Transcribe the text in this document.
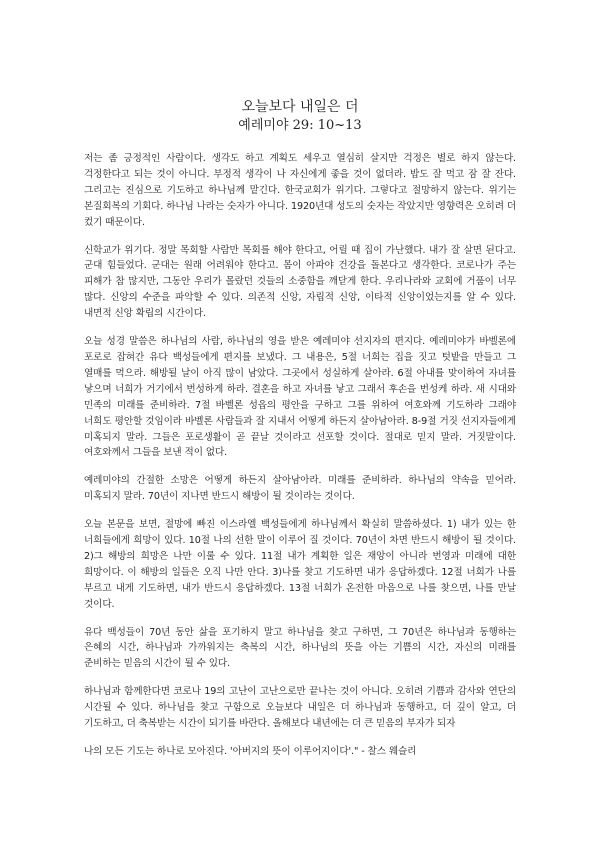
오늘보다 내일은 더
예레미야 29: 10~13

저는 좀 긍정적인 사람이다. 생각도 하고 계획도 세우고 열심히 살지만 걱정은 별로 하지 않는다. 걱정한다고 되는 것이 아니다. 부정적 생각이 나 자신에게 좋을 것이 없더라. 밥도 잘 먹고 잠 잘 잔다. 그리고는 진심으로 기도하고 하나님께 맡긴다. 한국교회가 위기다. 그렇다고 절망하지 않는다. 위기는 본질회복의 기회다. 하나님 나라는 숫자가 아니다. 1920년대 성도의 숫자는 작았지만 영향력은 오히려 더 컸기 때문이다.

신학교가 위기다. 정말 목회할 사람만 목회를 해야 한다고, 어릴 때 집이 가난했다. 내가 잘 살면 된다고. 군대 힘들었다. 군대는 원래 어려워야 한다고. 몸이 아파야 건강을 돌본다고 생각한다. 코로나가 주는 피해가 참 많지만, 그동안 우리가 몰랐던 것들의 소중함을 깨닫게 한다. 우리나라와 교회에 거품이 너무 많다. 신앙의 수준을 파악할 수 있다. 의존적 신앙, 자립적 신앙, 이타적 신앙이었는지를 알 수 있다. 내면적 신앙 확립의 시간이다.

오늘 성경 말씀은 하나님의 사람, 하나님의 영을 받은 예레미야 선지자의 편지다. 예레미야가 바벨론에 포로로 잡혀간 유다 백성들에게 편지를 보냈다. 그 내용은, 5절 너희는 집을 짓고 텃밭을 만들고 그 열매를 먹으라. 해방될 날이 아직 많이 남았다. 그곳에서 성실하게 살아라. 6절 아내를 맞이하여 자녀를 낳으며 너희가 거기에서 번성하게 하라. 결혼을 하고 자녀를 낳고 그래서 후손을 번성케 하라. 새 시대와 민족의 미래를 준비하라. 7절 바벨론 성읍의 평안을 구하고 그를 위하여 여호와께 기도하라 그래야 너희도 평안할 것임이라 바벨론 사람들과 잘 지내서 어떻게 하든지 살아남아라. 8-9절 거짓 선지자들에게 미혹되지 말라. 그들은 포로생활이 곧 끝날 것이라고 선포할 것이다. 절대로 믿지 말라. 거짓말이다. 여호와께서 그들을 보낸 적이 없다.

예레미야의 간절한 소망은 어떻게 하든지 살아남아라. 미래를 준비하라. 하나님의 약속을 믿어라. 미혹되지 말라. 70년이 지나면 반드시 해방이 될 것이라는 것이다.

오늘 본문을 보면, 절망에 빠진 이스라엘 백성들에게 하나님께서 확실히 말씀하셨다. 1) 내가 있는 한 너희들에게 희망이 있다. 10절 나의 선한 말이 이루어 질 것이다. 70년이 차면 반드시 해방이 될 것이다. 2)그 해방의 희망은 나만 이룰 수 있다. 11절 내가 계획한 일은 재앙이 아니라 번영과 미래에 대한 희망이다. 이 해방의 일들은 오직 나만 안다. 3)나를 찾고 기도하면 내가 응답하겠다. 12절 너희가 나를 부르고 내게 기도하면, 내가 반드시 응답하겠다. 13절 너희가 온전한 마음으로 나를 찾으면, 나를 만날 것이다.

유다 백성들이 70년 동안 삶을 포기하지 말고 하나님을 찾고 구하면, 그 70년은 하나님과 동행하는 은혜의 시간, 하나님과 가까워지는 축복의 시간, 하나님의 뜻을 아는 기쁨의 시간, 자신의 미래를 준비하는 믿음의 시간이 될 수 있다.

하나님과 함께한다면 코로나 19의 고난이 고난으로만 끝나는 것이 아니다. 오히려 기쁨과 감사와 연단의 시간될 수 있다. 하나님을 찾고 구함으로 오늘보다 내일은 더 하나님과 동행하고, 더 깊이 알고, 더 기도하고, 더 축복받는 시간이 되기를 바란다. 올해보다 내년에는 더 큰 믿음의 부자가 되자

나의 모든 기도는 하나로 모아진다. '아버지의 뜻이 이루어지이다'." - 찰스 웨슬리
